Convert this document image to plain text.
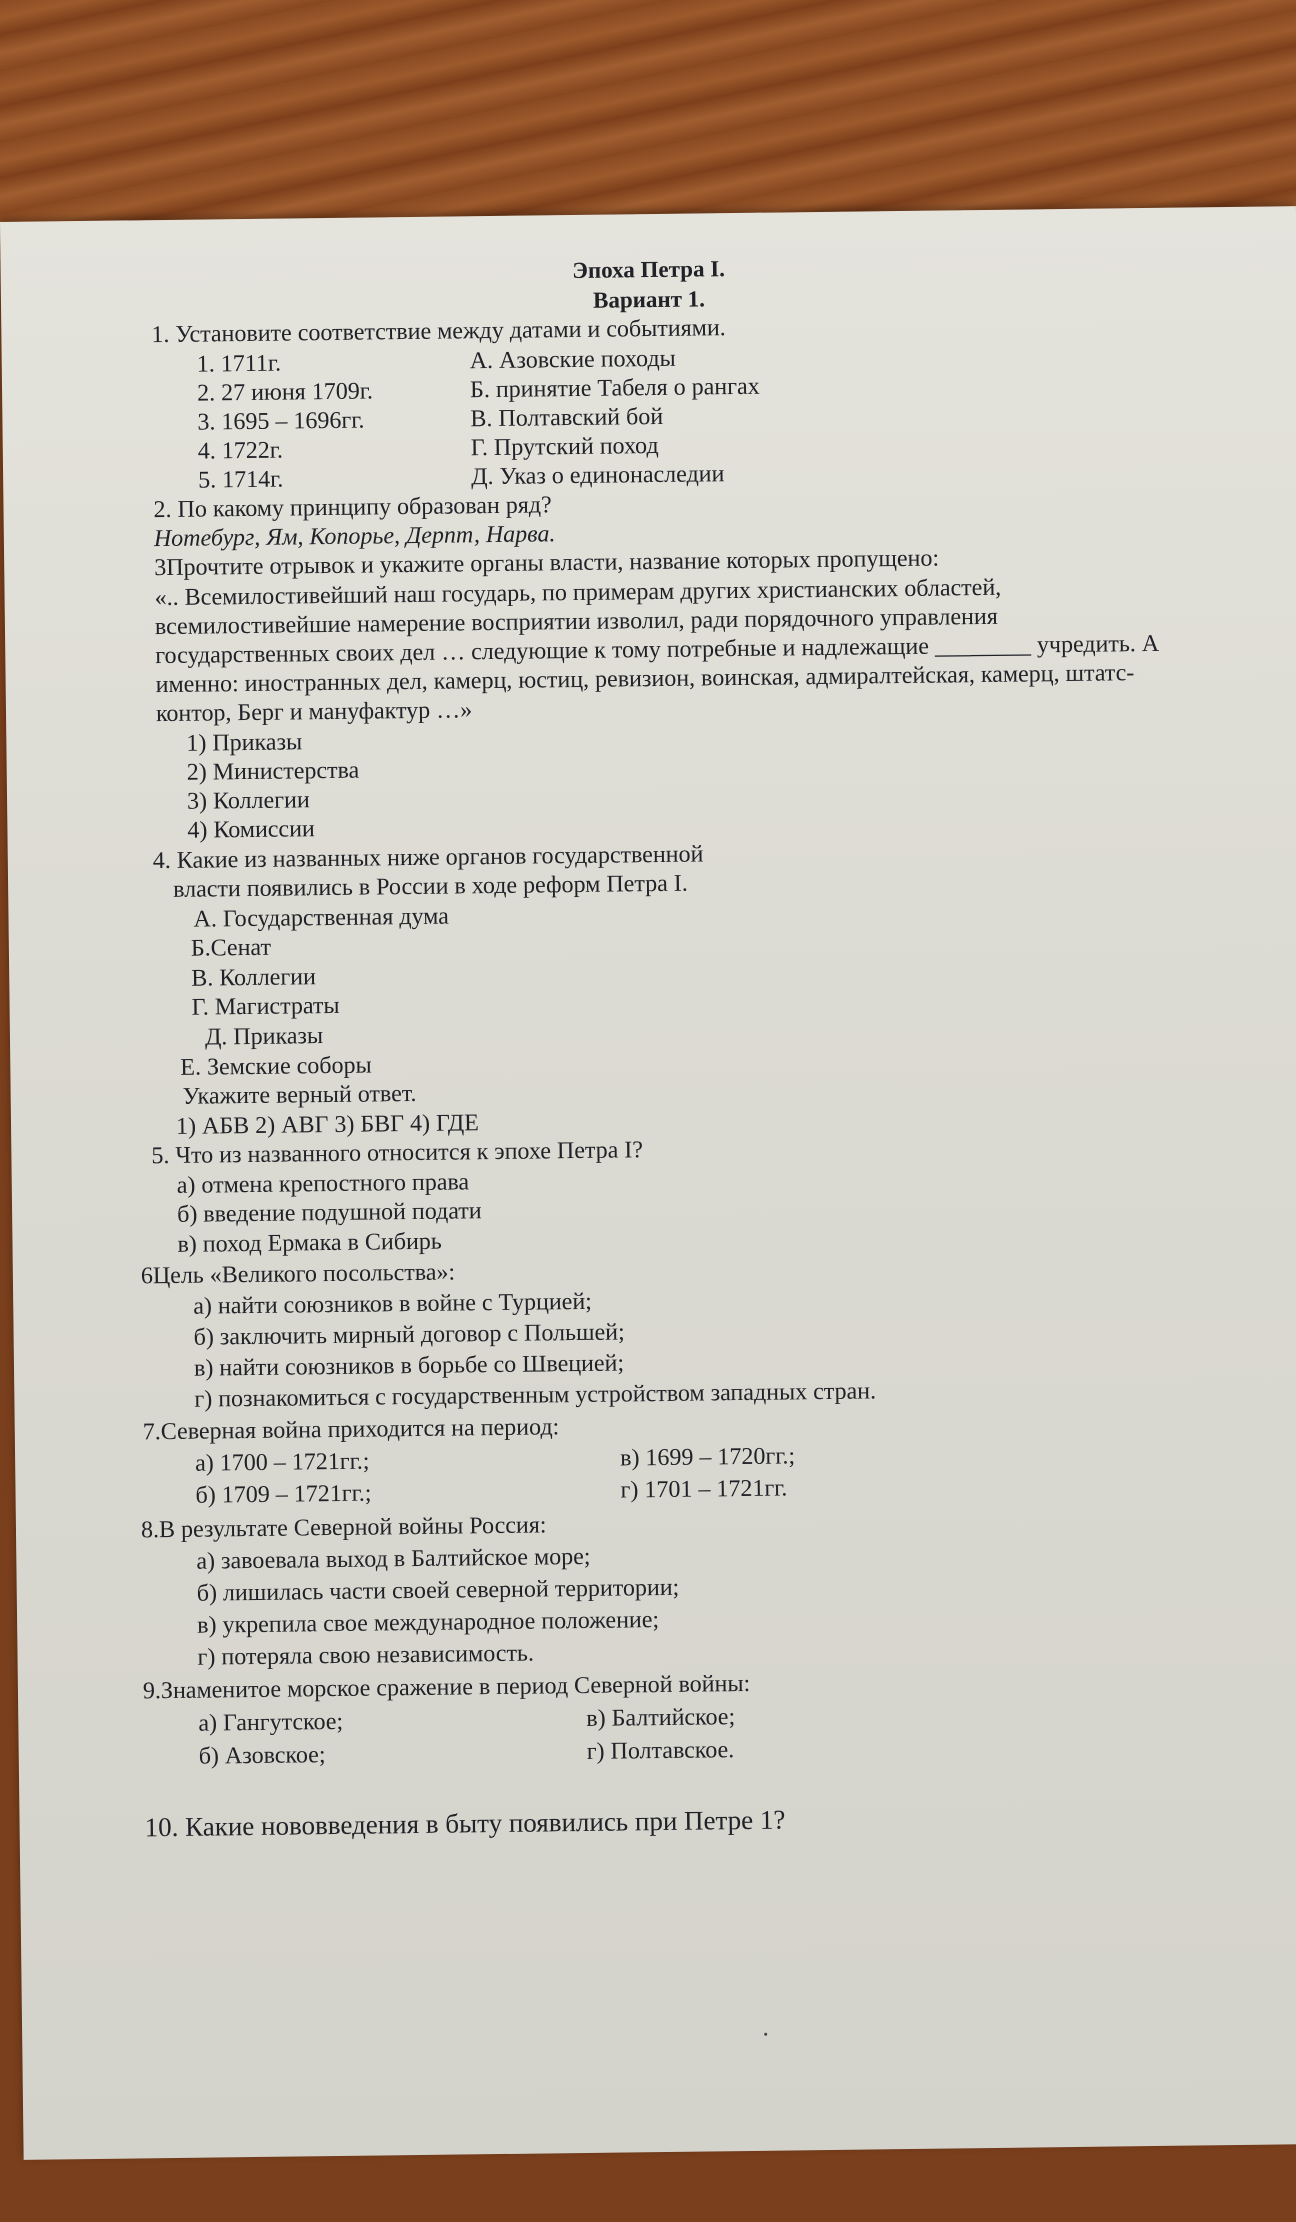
Эпоха Петра I.
Вариант 1.
1. Установите соответствие между датами и событиями.
1. 1711г.
2. 27 июня 1709г.
3. 1695 – 1696гг.
4. 1722г.
5. 1714г.
А. Азовские походы
Б. принятие Табеля о рангах
В. Полтавский бой
Г. Прутский поход
Д. Указ о единонаследии
2. По какому принципу образован ряд?
Нотебург, Ям, Копорье, Дерпт, Нарва.
3Прочтите отрывок и укажите органы власти, название которых пропущено:
«.. Всемилостивейший наш государь, по примерам других христианских областей,
всемилостивейшие намерение восприятии изволил, ради порядочного управления
государственных своих дел … следующие к тому потребные и надлежащие ________ учредить. А
именно: иностранных дел, камерц, юстиц, ревизион, воинская, адмиралтейская, камерц, штатс-
контор, Берг и мануфактур …»
1) Приказы
2) Министерства
3) Коллегии
4) Комиссии
4. Какие из названных ниже органов государственной
власти появились в России в ходе реформ Петра I.
А. Государственная дума
Б.Сенат
В. Коллегии
Г. Магистраты
Д. Приказы
Е. Земские соборы
Укажите верный ответ.
1) АБВ 2) АВГ 3) БВГ 4) ГДЕ
5. Что из названного относится к эпохе Петра I?
а) отмена крепостного права
б) введение подушной подати
в) поход Ермака в Сибирь
6Цель «Великого посольства»:
а) найти союзников в войне с Турцией;
б) заключить мирный договор с Польшей;
в) найти союзников в борьбе со Швецией;
г) познакомиться с государственным устройством западных стран.
7.Северная война приходится на период:
а) 1700 – 1721гг.;
б) 1709 – 1721гг.;
в) 1699 – 1720гг.;
г) 1701 – 1721гг.
8.В результате Северной войны Россия:
а) завоевала выход в Балтийское море;
б) лишилась части своей северной территории;
в) укрепила свое международное положение;
г) потеряла свою независимость.
9.Знаменитое морское сражение в период Северной войны:
а) Гангутское;
б) Азовское;
в) Балтийское;
г) Полтавское.
10. Какие нововведения в быту появились при Петре 1?
